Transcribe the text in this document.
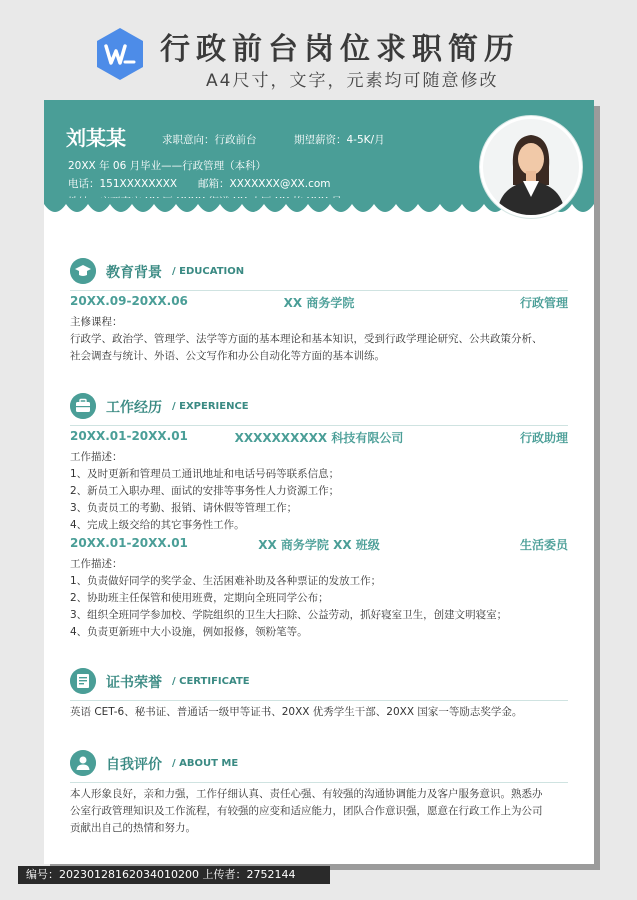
行政前台岗位求职简历
A4尺寸，文字，元素均可随意修改
刘某某	求职意向：行政前台	期望薪资：4-5K/月
20XX 年 06 月毕业——行政管理（本科）
电话：151XXXXXXXX 邮箱：XXXXXXX@XX.com
教育背景 / EDUCATION
20XX.09-20XX.06	XX 商务学院	行政管理
主修课程：
行政学、政治学、管理学、法学等方面的基本理论和基本知识，受到行政学理论研究、公共政策分析、
社会调查与统计、外语、公文写作和办公自动化等方面的基本训练。
工作经历 / EXPERIENCE
20XX.01-20XX.01	XXXXXXXXXX 科技有限公司	行政助理
工作描述：
1、及时更新和管理员工通讯地址和电话号码等联系信息；
2、新员工入职办理、面试的安排等事务性人力资源工作；
3、负责员工的考勤、报销、请休假等管理工作；
4、完成上级交给的其它事务性工作。
20XX.01-20XX.01	XX 商务学院 XX 班级	生活委员
工作描述：
1、负责做好同学的奖学金、生活困难补助及各种票证的发放工作；
2、协助班主任保管和使用班费，定期向全班同学公布；
3、组织全班同学参加校、学院组织的卫生大扫除、公益劳动，抓好寝室卫生，创建文明寝室；
4、负责更新班中大小设施，例如报修，领粉笔等。
证书荣誉 / CERTIFICATE
英语 CET-6、秘书证、普通话一级甲等证书、20XX 优秀学生干部、20XX 国家一等励志奖学金。
自我评价 / ABOUT ME
本人形象良好，亲和力强，工作仔细认真、责任心强、有较强的沟通协调能力及客户服务意识。熟悉办
公室行政管理知识及工作流程，有较强的应变和适应能力，团队合作意识强，愿意在行政工作上为公司
贡献出自己的热情和努力。
编号：20230128162034010200 上传者：2752144
